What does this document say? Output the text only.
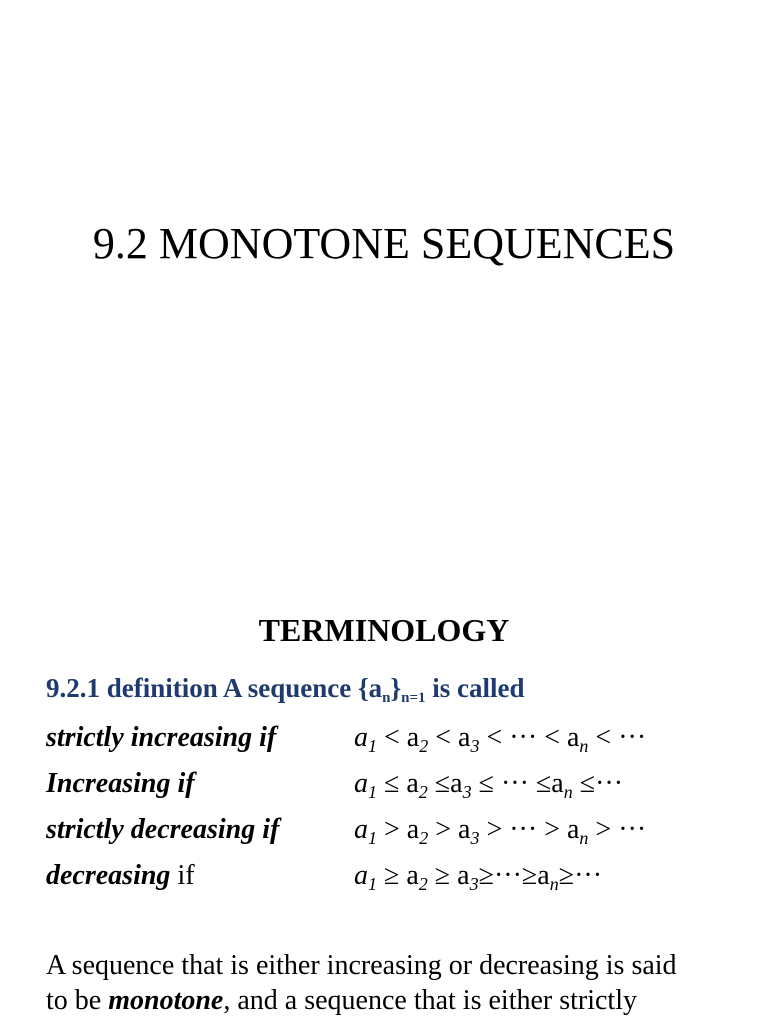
9.2 MONOTONE SEQUENCES
TERMINOLOGY
9.2.1 definition A sequence $\{a_n\}_{n=1}$ is called
strictly increasing if	$a_1 < a_2 < a_3$ < ··· < $a_n$ < ···
Increasing if	$a_1 \le a_2 \le a_3$ ≤ ··· $\le a_n$ ≤···
strictly decreasing if	$a_1 > a_2 > a_3$ > ··· > $a_n$ > ···
decreasing if	$a_1 \ge a_2 \ge a_3\ge\cdot\cdot\cdot\ge a_n\ge\cdot\cdot\cdot$
A sequence that is either increasing or decreasing is said
to be monotone, and a sequence that is either strictly
